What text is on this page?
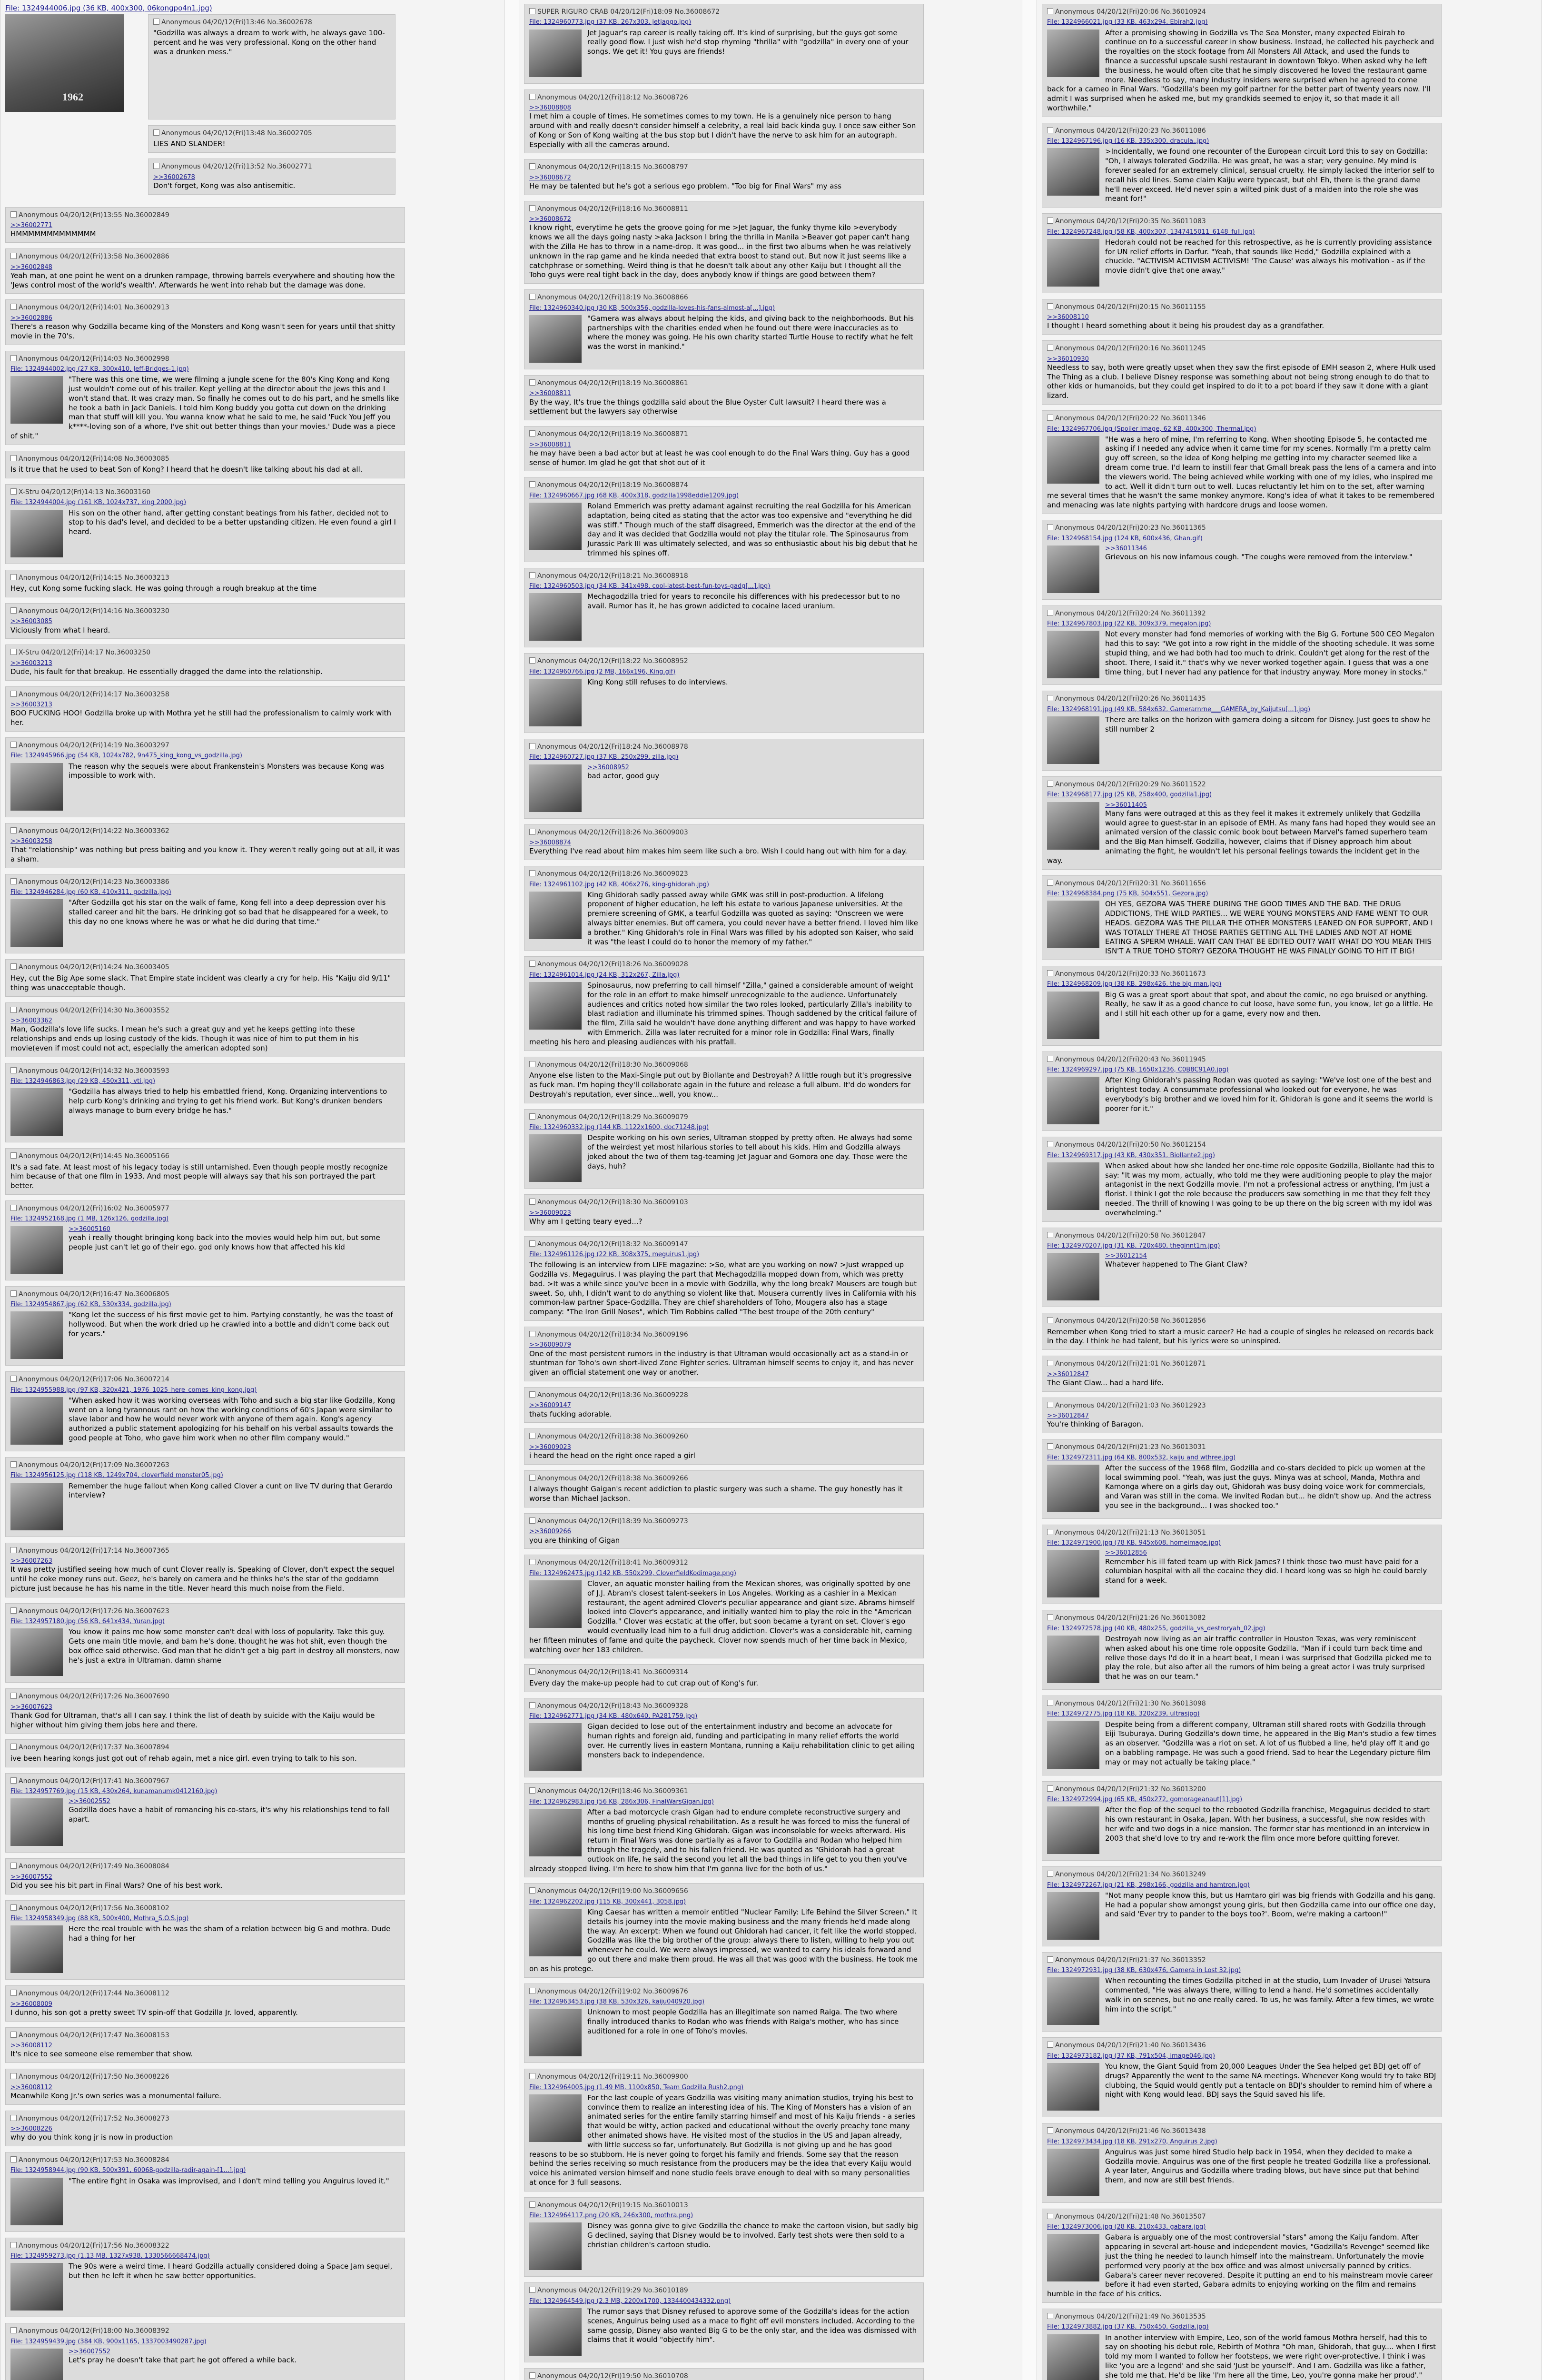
File: 1324944006.jpg (36 KB, 400x300, 06kongpo4n1.jpg)
1962
Anonymous 04/20/12(Fri)13:46 No.36002678
"Godzilla was always a dream to work with, he always gave 100-percent and he was very professional. Kong on the other hand was a drunken mess."
Anonymous 04/20/12(Fri)13:48 No.36002705
LIES AND SLANDER!
Anonymous 04/20/12(Fri)13:52 No.36002771
>>36002678
Don't forget, Kong was also antisemitic.
Anonymous 04/20/12(Fri)13:55 No.36002849
>>36002771
HMMMMMMMMMMMMM
Anonymous 04/20/12(Fri)13:58 No.36002886
>>36002848
Yeah man, at one point he went on a drunken rampage, throwing barrels everywhere and shouting how the 'Jews control most of the world's wealth'. Afterwards he went into rehab but the damage was done.
Anonymous 04/20/12(Fri)14:01 No.36002913
>>36002886
There's a reason why Godzilla became king of the Monsters and Kong wasn't seen for years until that shitty movie in the 70's.
Anonymous 04/20/12(Fri)14:03 No.36002998
File: 1324944002.jpg (27 KB, 300x410, Jeff-Bridges-1.jpg)
"There was this one time, we were filming a jungle scene for the 80's King Kong and Kong just wouldn't come out of his trailer. Kept yelling at the director about the jews this and I won't stand that. It was crazy man. So finally he comes out to do his part, and he smells like he took a bath in Jack Daniels. I told him Kong buddy you gotta cut down on the drinking man that stuff will kill you. You wanna know what he said to me, he said 'Fuck You Jeff you k****-loving son of a whore, I've shit out better things than your movies.' Dude was a piece of shit."
Anonymous 04/20/12(Fri)14:08 No.36003085
Is it true that he used to beat Son of Kong? I heard that he doesn't like talking about his dad at all.
X-Stru 04/20/12(Fri)14:13 No.36003160
File: 1324944004.jpg (161 KB, 1024x737, king 2000.jpg)
His son on the other hand, after getting constant beatings from his father, decided not to stop to his dad's level, and decided to be a better upstanding citizen. He even found a girl I heard.
Anonymous 04/20/12(Fri)14:15 No.36003213
Hey, cut Kong some fucking slack. He was going through a rough breakup at the time
Anonymous 04/20/12(Fri)14:16 No.36003230
>>36003085
Viciously from what I heard.
X-Stru 04/20/12(Fri)14:17 No.36003250
>>36003213
Dude, his fault for that breakup. He essentially dragged the dame into the relationship.
Anonymous 04/20/12(Fri)14:17 No.36003258
>>36003213
BOO FUCKING HOO! Godzilla broke up with Mothra yet he still had the professionalism to calmly work with her.
Anonymous 04/20/12(Fri)14:19 No.36003297
File: 1324945966.jpg (54 KB, 1024x782, 9n475_king_kong_vs_godzilla.jpg)
The reason why the sequels were about Frankenstein's Monsters was because Kong was impossible to work with.
Anonymous 04/20/12(Fri)14:22 No.36003362
>>36003258
That "relationship" was nothing but press baiting and you know it. They weren't really going out at all, it was a sham.
Anonymous 04/20/12(Fri)14:23 No.36003386
File: 1324946284.jpg (60 KB, 410x311, godzilla.jpg)
"After Godzilla got his star on the walk of fame, Kong fell into a deep depression over his stalled career and hit the bars. He drinking got so bad that he disappeared for a week, to this day no one knows where he was or what he did during that time."
Anonymous 04/20/12(Fri)14:24 No.36003405
Hey, cut the Big Ape some slack. That Empire state incident was clearly a cry for help. His "Kaiju did 9/11" thing was unacceptable though.
Anonymous 04/20/12(Fri)14:30 No.36003552
>>36003362
Man, Godzilla's love life sucks. I mean he's such a great guy and yet he keeps getting into these relationships and ends up losing custody of the kids. Though it was nice of him to put them in his movie(even if most could not act, especially the american adopted son)
Anonymous 04/20/12(Fri)14:32 No.36003593
File: 1324946863.jpg (29 KB, 450x311, vti.jpg)
"Godzilla has always tried to help his embattled friend, Kong. Organizing interventions to help curb Kong's drinking and trying to get his friend work. But Kong's drunken benders always manage to burn every bridge he has."
Anonymous 04/20/12(Fri)14:45 No.36005166
It's a sad fate. At least most of his legacy today is still untarnished. Even though people mostly recognize him because of that one film in 1933. And most people will always say that his son portrayed the part better.
Anonymous 04/20/12(Fri)16:02 No.36005977
File: 1324952168.jpg (1 MB, 126x126, godzilla.jpg)
>>36005160
yeah i really thought bringing kong back into the movies would help him out, but some people just can't let go of their ego. god only knows how that affected his kid
Anonymous 04/20/12(Fri)16:47 No.36006805
File: 1324954867.jpg (62 KB, 530x334, godzilla.jpg)
"Kong let the success of his first movie get to him. Partying constantly, he was the toast of hollywood. But when the work dried up he crawled into a bottle and didn't come back out for years."
Anonymous 04/20/12(Fri)17:06 No.36007214
File: 1324955988.jpg (97 KB, 320x421, 1976_1025_here_comes_king_kong.jpg)
"When asked how it was working overseas with Toho and such a big star like Godzilla, Kong went on a long tyrannous rant on how the working conditions of 60's Japan were similar to slave labor and how he would never work with anyone of them again. Kong's agency authorized a public statement apologizing for his behalf on his verbal assaults towards the good people at Toho, who gave him work when no other film company would."
Anonymous 04/20/12(Fri)17:09 No.36007263
File: 1324956125.jpg (118 KB, 1249x704, cloverfield monster05.jpg)
Remember the huge fallout when Kong called Clover a cunt on live TV during that Gerardo interview?
Anonymous 04/20/12(Fri)17:14 No.36007365
>>36007263
It was pretty justified seeing how much of cunt Clover really is. Speaking of Clover, don't expect the sequel until he coke money runs out. Geez, he's barely on camera and he thinks he's the star of the goddamn picture just because he has his name in the title. Never heard this much noise from the Field.
Anonymous 04/20/12(Fri)17:26 No.36007623
File: 1324957180.jpg (56 KB, 641x434, Yuran.jpg)
You know it pains me how some monster can't deal with loss of popularity. Take this guy. Gets one main title movie, and bam he's done. thought he was hot shit, even though the box office said otherwise. God man that he didn't get a big part in destroy all monsters, now he's just a extra in Ultraman. damn shame
Anonymous 04/20/12(Fri)17:26 No.36007690
>>36007623
Thank God for Ultraman, that's all I can say. I think the list of death by suicide with the Kaiju would be higher without him giving them jobs here and there.
Anonymous 04/20/12(Fri)17:37 No.36007894
ive been hearing kongs just got out of rehab again, met a nice girl. even trying to talk to his son.
Anonymous 04/20/12(Fri)17:41 No.36007967
File: 1324957769.jpg (15 KB, 430x264, kunamanumk0412160.jpg)
>>36002552
Godzilla does have a habit of romancing his co-stars, it's why his relationships tend to fall apart.
Anonymous 04/20/12(Fri)17:49 No.36008084
>>36007552
Did you see his bit part in Final Wars? One of his best work.
Anonymous 04/20/12(Fri)17:56 No.36008102
File: 1324958349.jpg (88 KB, 500x400, Mothra_S.O.S.jpg)
Here the real trouble with he was the sham of a relation between big G and mothra. Dude had a thing for her
Anonymous 04/20/12(Fri)17:44 No.36008112
>>36008009
I dunno, his son got a pretty sweet TV spin-off that Godzilla Jr. loved, apparently.
Anonymous 04/20/12(Fri)17:47 No.36008153
>>36008112
It's nice to see someone else remember that show.
Anonymous 04/20/12(Fri)17:50 No.36008226
>>36008112
Meanwhile Kong Jr.'s own series was a monumental failure.
Anonymous 04/20/12(Fri)17:52 No.36008273
>>36008226
why do you think kong jr is now in production
Anonymous 04/20/12(Fri)17:53 No.36008284
File: 1324958944.jpg (90 KB, 500x391, 60068-godzilla-radir-again-[1...].jpg)
"The entire fight in Osaka was improvised, and I don't mind telling you Anguirus loved it."
Anonymous 04/20/12(Fri)17:56 No.36008322
File: 1324959273.jpg (1.13 MB, 1327x938, 1330566668474.jpg)
The 90s were a weird time. I heard Godzilla actually considered doing a Space Jam sequel, but then he left it when he saw better opportunities.
Anonymous 04/20/12(Fri)18:00 No.36008392
File: 1324959439.jpg (384 KB, 900x1165, 1337003490287.jpg)
>>36007552
Let's pray he doesn't take that part he got offered a while back.
SUPER RIGURO CRAB 04/20/12(Fri)18:09 No.36008672
File: 1324960773.jpg (37 KB, 267x303, jetjaggo.jpg)
Jet Jaguar's rap career is really taking off. It's kind of surprising, but the guys got some really good flow. I just wish he'd stop rhyming "thrilla" with "godzilla" in every one of your songs. We get it! You guys are friends!
Anonymous 04/20/12(Fri)18:12 No.36008726
>>36008808
I met him a couple of times. He sometimes comes to my town. He is a genuinely nice person to hang around with and really doesn't consider himself a celebrity, a real laid back kinda guy. I once saw either Son of Kong or Son of Kong waiting at the bus stop but I didn't have the nerve to ask him for an autograph. Especially with all the cameras around.
Anonymous 04/20/12(Fri)18:15 No.36008797
>>36008672
He may be talented but he's got a serious ego problem. "Too big for Final Wars" my ass
Anonymous 04/20/12(Fri)18:16 No.36008811
>>36008672
I know right, everytime he gets the groove going for me >Jet Jaguar, the funky thyme kilo >everybody knows we all the days going nasty >aka Jackson I bring the thrilla in Manila >Beaver got paper can't hang with the Zilla He has to throw in a name-drop. It was good... in the first two albums when he was relatively unknown in the rap game and he kinda needed that extra boost to stand out. But now it just seems like a catchphrase or something. Weird thing is that he doesn't talk about any other Kaiju but I thought all the Toho guys were real tight back in the day, does anybody know if things are good between them?
Anonymous 04/20/12(Fri)18:19 No.36008866
File: 1324960340.jpg (30 KB, 500x356, godzilla-loves-his-fans-almost-a[...].jpg)
"Gamera was always about helping the kids, and giving back to the neighborhoods. But his partnerships with the charities ended when he found out there were inaccuracies as to where the money was going. He his own charity started Turtle House to rectify what he felt was the worst in mankind."
Anonymous 04/20/12(Fri)18:19 No.36008861
>>36008811
By the way, It's true the things godzilla said about the Blue Oyster Cult lawsuit? I heard there was a settlement but the lawyers say otherwise
Anonymous 04/20/12(Fri)18:19 No.36008871
>>36008811
he may have been a bad actor but at least he was cool enough to do the Final Wars thing. Guy has a good sense of humor. Im glad he got that shot out of it
Anonymous 04/20/12(Fri)18:19 No.36008874
File: 1324960667.jpg (68 KB, 400x318, godzilla1998eddie1209.jpg)
Roland Emmerich was pretty adamant against recruiting the real Godzilla for his American adaptation, being cited as stating that the actor was too expensive and "everything he did was stiff." Though much of the staff disagreed, Emmerich was the director at the end of the day and it was decided that Godzilla would not play the titular role. The Spinosaurus from Jurassic Park III was ultimately selected, and was so enthusiastic about his big debut that he trimmed his spines off.
Anonymous 04/20/12(Fri)18:21 No.36008918
File: 1324960503.jpg (34 KB, 341x498, cool-latest-best-fun-toys-gadg[...].jpg)
Mechagodzilla tried for years to reconcile his differences with his predecessor but to no avail. Rumor has it, he has grown addicted to cocaine laced uranium.
Anonymous 04/20/12(Fri)18:22 No.36008952
File: 1324960766.jpg (2 MB, 166x196, King.gif)
King Kong still refuses to do interviews.
Anonymous 04/20/12(Fri)18:24 No.36008978
File: 1324960727.jpg (37 KB, 250x299, zilla.jpg)
>>36008952
bad actor, good guy
Anonymous 04/20/12(Fri)18:26 No.36009003
>>36008874
Everything I've read about him makes him seem like such a bro. Wish I could hang out with him for a day.
Anonymous 04/20/12(Fri)18:26 No.36009023
File: 1324961102.jpg (42 KB, 406x276, king-ghidorah.jpg)
King Ghidorah sadly passed away while GMK was still in post-production. A lifelong proponent of higher education, he left his estate to various Japanese universities. At the premiere screening of GMK, a tearful Godzilla was quoted as saying: "Onscreen we were always bitter enemies. But off camera, you could never have a better friend. I loved him like a brother." King Ghidorah's role in Final Wars was filled by his adopted son Kaiser, who said it was "the least I could do to honor the memory of my father."
Anonymous 04/20/12(Fri)18:26 No.36009028
File: 1324961014.jpg (24 KB, 312x267, Zilla.jpg)
Spinosaurus, now preferring to call himself "Zilla," gained a considerable amount of weight for the role in an effort to make himself unrecognizable to the audience. Unfortunately audiences and critics noted how similar the two roles looked, particularly Zilla's inability to blast radiation and illuminate his trimmed spines. Though saddened by the critical failure of the film, Zilla said he wouldn't have done anything different and was happy to have worked with Emmerich. Zilla was later recruited for a minor role in Godzilla: Final Wars, finally meeting his hero and pleasing audiences with his pratfall.
Anonymous 04/20/12(Fri)18:30 No.36009068
Anyone else listen to the Maxi-Single put out by Biollante and Destroyah? A little rough but it's progressive as fuck man. I'm hoping they'll collaborate again in the future and release a full album. It'd do wonders for Destroyah's reputation, ever since...well, you know...
Anonymous 04/20/12(Fri)18:29 No.36009079
File: 1324960332.jpg (144 KB, 1122x1600, doc71248.jpg)
Despite working on his own series, Ultraman stopped by pretty often. He always had some of the weirdest yet most hilarious stories to tell about his kids. Him and Godzilla always joked about the two of them tag-teaming Jet Jaguar and Gomora one day. Those were the days, huh?
Anonymous 04/20/12(Fri)18:30 No.36009103
>>36009023
Why am I getting teary eyed...?
Anonymous 04/20/12(Fri)18:32 No.36009147
File: 1324961126.jpg (22 KB, 308x375, meguirus1.jpg)
The following is an interview from LIFE magazine: >So, what are you working on now? >Just wrapped up Godzilla vs. Megaguirus. I was playing the part that Mechagodzilla mopped down from, which was pretty bad. >It was a while since you've been in a movie with Godzilla, why the long break? Mousers are tough but sweet. So, uhh, I didn't want to do anything so violent like that. Mousera currently lives in California with his common-law partner Space-Godzilla. They are chief shareholders of Toho, Mougera also has a stage company: "The Iron Grill Noses", which Tim Robbins called "The best troupe of the 20th century"
Anonymous 04/20/12(Fri)18:34 No.36009196
>>36009079
One of the most persistent rumors in the industry is that Ultraman would occasionally act as a stand-in or stuntman for Toho's own short-lived Zone Fighter series. Ultraman himself seems to enjoy it, and has never given an official statement one way or another.
Anonymous 04/20/12(Fri)18:36 No.36009228
>>36009147
thats fucking adorable.
Anonymous 04/20/12(Fri)18:38 No.36009260
>>36009023
i heard the head on the right once raped a girl
Anonymous 04/20/12(Fri)18:38 No.36009266
I always thought Gaigan's recent addiction to plastic surgery was such a shame. The guy honestly has it worse than Michael Jackson.
Anonymous 04/20/12(Fri)18:39 No.36009273
>>36009266
you are thinking of Gigan
Anonymous 04/20/12(Fri)18:41 No.36009312
File: 1324962475.jpg (142 KB, 550x299, CloverfieldKodimage.png)
Clover, an aquatic monster hailing from the Mexican shores, was originally spotted by one of J.J. Abram's closest talent-seekers in Los Angeles. Working as a cashier in a Mexican restaurant, the agent admired Clover's peculiar appearance and giant size. Abrams himself looked into Clover's appearance, and initially wanted him to play the role in the "American Godzilla." Clover was ecstatic at the offer, but soon became a tyrant on set. Clover's ego would eventually lead him to a full drug addiction. Clover's was a considerable hit, earning her fifteen minutes of fame and quite the paycheck. Clover now spends much of her time back in Mexico, watching over her 183 children.
Anonymous 04/20/12(Fri)18:41 No.36009314
Every day the make-up people had to cut crap out of Kong's fur.
Anonymous 04/20/12(Fri)18:43 No.36009328
File: 1324962771.jpg (34 KB, 480x640, PA281759.jpg)
Gigan decided to lose out of the entertainment industry and become an advocate for human rights and foreign aid, funding and participating in many relief efforts the world over. He currently lives in eastern Montana, running a Kaiju rehabilitation clinic to get ailing monsters back to independence.
Anonymous 04/20/12(Fri)18:46 No.36009361
File: 1324962983.jpg (56 KB, 286x306, FinalWarsGigan.jpg)
After a bad motorcycle crash Gigan had to endure complete reconstructive surgery and months of grueling physical rehabilitation. As a result he was forced to miss the funeral of his long time best friend King Ghidorah. Gigan was inconsolable for weeks afterward. His return in Final Wars was done partially as a favor to Godzilla and Rodan who helped him through the tragedy, and to his fallen friend. He was quoted as "Ghidorah had a great outlook on life, he said the second you let all the bad things in life get to you then you've already stopped living. I'm here to show him that I'm gonna live for the both of us."
Anonymous 04/20/12(Fri)19:00 No.36009656
File: 1324962202.jpg (115 KB, 300x441, 3058.jpg)
King Caesar has written a memoir entitled "Nuclear Family: Life Behind the Silver Screen." It details his journey into the movie making business and the many friends he'd made along the way. An excerpt: When we found out Ghidorah had cancer, it felt like the world stopped. Godzilla was like the big brother of the group: always there to listen, willing to help you out whenever he could. We were always impressed, we wanted to carry his ideals forward and go out there and make them proud. He was all that was good with the business. He took me on as his protege.
Anonymous 04/20/12(Fri)19:02 No.36009676
File: 1324963453.jpg (38 KB, 530x326, kaiju040920.jpg)
Unknown to most people Godzilla has an illegitimate son named Raiga. The two where finally introduced thanks to Rodan who was friends with Raiga's mother, who has since auditioned for a role in one of Toho's movies.
Anonymous 04/20/12(Fri)19:11 No.36009900
File: 1324964005.jpg (1.49 MB, 1100x850, Team Godzilla Rush2.png)
For the last couple of years Godzilla was visiting many animation studios, trying his best to convince them to realize an interesting idea of his. The King of Monsters has a vision of an animated series for the entire family starring himself and most of his Kaiju friends - a series that would be witty, action packed and educational without the overly preachy tone many other animated shows have. He visited most of the studios in the US and Japan already, with little success so far, unfortunately. But Godzilla is not giving up and he has good reasons to be so stubborn. He is never going to forget his family and friends. Some say that the reason behind the series receiving so much resistance from the producers may be the idea that every Kaiju would voice his animated version himself and none studio feels brave enough to deal with so many personalities at once for 3 full seasons.
Anonymous 04/20/12(Fri)19:15 No.36010013
File: 1324964117.png (20 KB, 246x300, mothra.png)
Disney was gonna give to give Godzilla the chance to make the cartoon vision, but sadly big G declined, saying that Disney would be to involved. Early test shots were then sold to a christian children's cartoon studio.
Anonymous 04/20/12(Fri)19:29 No.36010189
File: 1324964549.jpg (2.3 MB, 2200x1700, 1334400434332.png)
The rumor says that Disney refused to approve some of the Godzilla's ideas for the action scenes, Anguirus being used as a mace to fight off evil monsters included. According to the same gossip, Disney also wanted Big G to be the only star, and the idea was dismissed with claims that it would "objectify him".
Anonymous 04/20/12(Fri)19:50 No.36010708
Anonymous 04/20/12(Fri)20:06 No.36010924
File: 1324966021.jpg (33 KB, 463x294, Ebirah2.jpg)
After a promising showing in Godzilla vs The Sea Monster, many expected Ebirah to continue on to a successful career in show business. Instead, he collected his paycheck and the royalties on the stock footage from All Monsters All Attack, and used the funds to finance a successful upscale sushi restaurant in downtown Tokyo. When asked why he left the business, he would often cite that he simply discovered he loved the restaurant game more. Needless to say, many industry insiders were surprised when he agreed to come back for a cameo in Final Wars. "Godzilla's been my golf partner for the better part of twenty years now. I'll admit I was surprised when he asked me, but my grandkids seemed to enjoy it, so that made it all worthwhile."
Anonymous 04/20/12(Fri)20:23 No.36011086
File: 1324967196.jpg (16 KB, 335x300, dracula..jpg)
>Incidentally, we found one recounter of the European circuit Lord this to say on Godzilla: "Oh, I always tolerated Godzilla. He was great, he was a star; very genuine. My mind is forever sealed for an extremely clinical, sensual cruelty. He simply lacked the interior self to recall his old lines. Some claim Kaiju were typecast, but oh! Eh, there is the grand dame he'll never exceed. He'd never spin a wilted pink dust of a maiden into the role she was meant for!"
Anonymous 04/20/12(Fri)20:35 No.36011083
File: 1324967248.jpg (58 KB, 400x307, 1347415011_6148_full.jpg)
Hedorah could not be reached for this retrospective, as he is currently providing assistance for UN relief efforts in Darfur. "Yeah, that sounds like Hedd," Godzilla explained with a chuckle. "ACTIVISM ACTIVISM ACTIVISM! 'The Cause' was always his motivation - as if the movie didn't give that one away."
Anonymous 04/20/12(Fri)20:15 No.36011155
>>36008110
I thought I heard something about it being his proudest day as a grandfather.
Anonymous 04/20/12(Fri)20:16 No.36011245
>>36010930
Needless to say, both were greatly upset when they saw the first episode of EMH season 2, where Hulk used The Thing as a club. I believe Disney response was something about not being strong enough to do that to other kids or humanoids, but they could get inspired to do it to a pot board if they saw it done with a giant lizard.
Anonymous 04/20/12(Fri)20:22 No.36011346
File: 1324967706.jpg (Spoiler Image, 62 KB, 400x300, Thermal.jpg)
"He was a hero of mine, I'm referring to Kong. When shooting Episode 5, he contacted me asking if I needed any advice when it came time for my scenes. Normally I'm a pretty calm guy off screen, so the idea of Kong helping me getting into my character seemed like a dream come true. I'd learn to instill fear that Gmall break pass the lens of a camera and into the viewers world. The being achieved while working with one of my idles, who inspired me to act. Well it didn't turn out to well. Lucas reluctantly let him on to the set, after warning me several times that he wasn't the same monkey anymore. Kong's idea of what it takes to be remembered and menacing was late nights partying with hardcore drugs and loose women.
Anonymous 04/20/12(Fri)20:23 No.36011365
File: 1324968154.jpg (124 KB, 600x436, Ghan.gif)
>>36011346
Grievous on his now infamous cough. "The coughs were removed from the interview."
Anonymous 04/20/12(Fri)20:24 No.36011392
File: 1324967803.jpg (22 KB, 309x379, megalon.jpg)
Not every monster had fond memories of working with the Big G. Fortune 500 CEO Megalon had this to say: "We got into a row right in the middle of the shooting schedule. It was some stupid thing, and we had both had too much to drink. Couldn't get along for the rest of the shoot. There, I said it." that's why we never worked together again. I guess that was a one time thing, but I never had any patience for that industry anyway. More money in stocks."
Anonymous 04/20/12(Fri)20:26 No.36011435
File: 1324968191.jpg (49 KB, 584x632, Gamerarnrne___GAMERA_by_Kaijutsu[...].jpg)
There are talks on the horizon with gamera doing a sitcom for Disney. Just goes to show he still number 2
Anonymous 04/20/12(Fri)20:29 No.36011522
File: 1324968177.jpg (25 KB, 258x400, godzilla1.jpg)
>>36011405
Many fans were outraged at this as they feel it makes it extremely unlikely that Godzilla would agree to guest-star in an episode of EMH. As many fans had hoped they would see an animated version of the classic comic book bout between Marvel's famed superhero team and the Big Man himself. Godzilla, however, claims that if Disney approach him about animating the fight, he wouldn't let his personal feelings towards the incident get in the way.
Anonymous 04/20/12(Fri)20:31 No.36011656
File: 1324968384.png (75 KB, 504x551, Gezora.jpg)
OH YES, GEZORA WAS THERE DURING THE GOOD TIMES AND THE BAD. THE DRUG ADDICTIONS, THE WILD PARTIES... WE WERE YOUNG MONSTERS AND FAME WENT TO OUR HEADS. GEZORA WAS THE PILLAR THE OTHER MONSTERS LEANED ON FOR SUPPORT, AND I WAS TOTALLY THERE AT THOSE PARTIES GETTING ALL THE LADIES AND NOT AT HOME EATING A SPERM WHALE. WAIT CAN THAT BE EDITED OUT? WAIT WHAT DO YOU MEAN THIS ISN'T A TRUE TOHO STORY? GEZORA THOUGHT HE WAS FINALLY GOING TO HIT IT BIG!
Anonymous 04/20/12(Fri)20:33 No.36011673
File: 1324968209.jpg (38 KB, 298x426, the big man.jpg)
Big G was a great sport about that spot, and about the comic, no ego bruised or anything. Really, he saw it as a good chance to cut loose, have some fun, you know, let go a little. He and I still hit each other up for a game, every now and then.
Anonymous 04/20/12(Fri)20:43 No.36011945
File: 1324969297.jpg (75 KB, 1650x1236, C0B8C91A0.jpg)
After King Ghidorah's passing Rodan was quoted as saying: "We've lost one of the best and brightest today. A consummate professional who looked out for everyone, he was everybody's big brother and we loved him for it. Ghidorah is gone and it seems the world is poorer for it."
Anonymous 04/20/12(Fri)20:50 No.36012154
File: 1324969317.jpg (43 KB, 430x351, Biollante2.jpg)
When asked about how she landed her one-time role opposite Godzilla, Biollante had this to say: "It was my mom, actually, who told me they were auditioning people to play the major antagonist in the next Godzilla movie. I'm not a professional actress or anything, I'm just a florist. I think I got the role because the producers saw something in me that they felt they needed. The thrill of knowing I was going to be up there on the big screen with my idol was overwhelming."
Anonymous 04/20/12(Fri)20:58 No.36012847
File: 1324970207.jpg (31 KB, 720x480, theginnt1m.jpg)
>>36012154
Whatever happened to The Giant Claw?
Anonymous 04/20/12(Fri)20:58 No.36012856
Remember when Kong tried to start a music career? He had a couple of singles he released on records back in the day. I think he had talent, but his lyrics were so uninspired.
Anonymous 04/20/12(Fri)21:01 No.36012871
>>36012847
The Giant Claw... had a hard life.
Anonymous 04/20/12(Fri)21:03 No.36012923
>>36012847
You're thinking of Baragon.
Anonymous 04/20/12(Fri)21:23 No.36013031
File: 1324972311.jpg (64 KB, 800x532, kaiju and wthree.jpg)
After the success of the 1968 film, Godzilla and co-stars decided to pick up women at the local swimming pool. "Yeah, was just the guys. Minya was at school, Manda, Mothra and Kamonga where on a girls day out, Ghidorah was busy doing voice work for commercials, and Varan was still in the coma. We invited Rodan but... he didn't show up. And the actress you see in the background... I was shocked too."
Anonymous 04/20/12(Fri)21:13 No.36013051
File: 1324971900.jpg (78 KB, 945x608, homeimage.jpg)
>>36012856
Remember his ill fated team up with Rick James? I think those two must have paid for a columbian hospital with all the cocaine they did. I heard kong was so high he could barely stand for a week.
Anonymous 04/20/12(Fri)21:26 No.36013082
File: 1324972578.jpg (40 KB, 480x255, godzilla_vs_destroryah_02.jpg)
Destroyah now living as an air traffic controller in Houston Texas, was very reminiscent when asked about his one time role opposite Godzilla. "Man if i could turn back time and relive those days I'd do it in a heart beat, I mean i was surprised that Godzilla picked me to play the role, but also after all the rumors of him being a great actor i was truly surprised that he was on our team."
Anonymous 04/20/12(Fri)21:30 No.36013098
File: 1324972775.jpg (18 KB, 320x239, ultrasjpg)
Despite being from a different company, Ultraman still shared roots with Godzilla through Eiji Tsuburaya. During Godzilla's down time, he appeared in the Big Man's studio a few times as an observer. "Godzilla was a riot on set. A lot of us flubbed a line, he'd play off it and go on a babbling rampage. He was such a good friend. Sad to hear the Legendary picture film may or may not actually be taking place."
Anonymous 04/20/12(Fri)21:32 No.36013200
File: 1324972994.jpg (65 KB, 450x272, gomorageanaut[1].jpg)
After the flop of the sequel to the rebooted Godzilla franchise, Megaguirus decided to start his own restaurant in Osaka, Japan. With her business, a successful, she now resides with her wife and two dogs in a nice mansion. The former star has mentioned in an interview in 2003 that she'd love to try and re-work the film once more before quitting forever.
Anonymous 04/20/12(Fri)21:34 No.36013249
File: 1324972267.jpg (21 KB, 298x166, godzilla and hamtron.jpg)
"Not many people know this, but us Hamtaro girl was big friends with Godzilla and his gang. He had a popular show amongst young girls, but then Godzilla came into our office one day, and said 'Ever try to pander to the boys too?'. Boom, we're making a cartoon!"
Anonymous 04/20/12(Fri)21:37 No.36013352
File: 1324972931.jpg (38 KB, 630x476, Gamera in Lost 32.jpg)
When recounting the times Godzilla pitched in at the studio, Lum Invader of Urusei Yatsura commented, "He was always there, willing to lend a hand. He'd sometimes accidentally walk in on scenes, but no one really cared. To us, he was family. After a few times, we wrote him into the script."
Anonymous 04/20/12(Fri)21:40 No.36013436
File: 1324973182.jpg (37 KB, 791x504, image046.jpg)
You know, the Giant Squid from 20,000 Leagues Under the Sea helped get BDJ get off of drugs? Apparently the went to the same NA meetings. Whenever Kong would try to take BDJ clubbing, the Squid would gently put a tentacle on BDJ's shoulder to remind him of where a night with Kong would lead. BDJ says the Squid saved his life.
Anonymous 04/20/12(Fri)21:46 No.36013438
File: 1324973434.jpg (18 KB, 291x270, Anguirus 2.jpg)
Anguirus was just some hired Studio help back in 1954, when they decided to make a Godzilla movie. Anguirus was one of the first people he treated Godzilla like a professional. A year later, Anguirus and Godzilla where trading blows, but have since put that behind them, and now are still best friends.
Anonymous 04/20/12(Fri)21:48 No.36013507
File: 1324973006.jpg (28 KB, 210x433, gabara.jpg)
Gabara is arguably one of the most controversial "stars" among the Kaiju fandom. After appearing in several art-house and independent movies, "Godzilla's Revenge" seemed like just the thing he needed to launch himself into the mainstream. Unfortunately the movie performed very poorly at the box office and was almost universally panned by critics. Gabara's career never recovered. Despite it putting an end to his mainstream movie career before it had even started, Gabara admits to enjoying working on the film and remains humble in the face of his critics.
Anonymous 04/20/12(Fri)21:49 No.36013535
File: 1324973882.jpg (37 KB, 750x450, Godzilla.jpg)
In another interview with Empire, Leo, son of the world famous Mothra herself, had this to say on shooting his debut role, Rebirth of Mothra "Oh man, Ghidorah, that guy.... when I first told my mom I wanted to follow her footsteps, we were right over-protective. I think i was like 'you are a legend' and she said 'Just be yourself'. And I am. Godzilla was like a father, she told me that. He'd be like 'I'm here all the time, Leo, you're gonna make her proud'."
